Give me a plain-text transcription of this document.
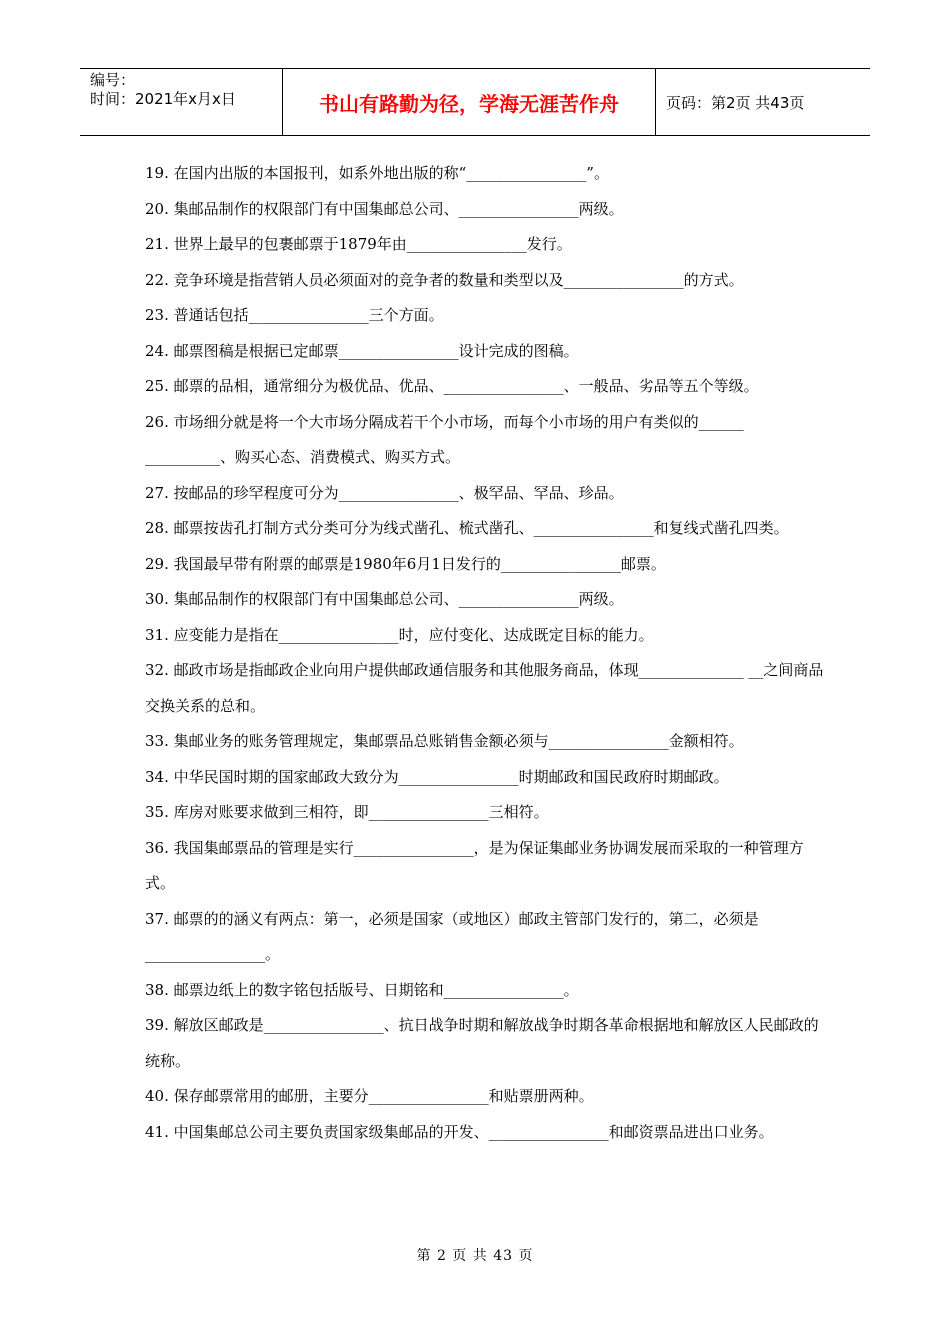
编号：
时间：2021年x月x日	书山有路勤为径，学海无涯苦作舟	页码：第2页 共43页
19. 在国内出版的本国报刊，如系外地出版的称“________________”。
20. 集邮品制作的权限部门有中国集邮总公司、________________两级。
21. 世界上最早的包裹邮票于1879年由________________发行。
22. 竞争环境是指营销人员必须面对的竞争者的数量和类型以及________________的方式。
23. 普通话包括________________三个方面。
24. 邮票图稿是根据已定邮票________________设计完成的图稿。
25. 邮票的品相，通常细分为极优品、优品、________________、一般品、劣品等五个等级。
26. 市场细分就是将一个大市场分隔成若干个小市场，而每个小市场的用户有类似的______ __________、购买心态、消费模式、购买方式。
27. 按邮品的珍罕程度可分为________________、极罕品、罕品、珍品。
28. 邮票按齿孔打制方式分类可分为线式凿孔、梳式凿孔、________________和复线式凿孔四类。
29. 我国最早带有附票的邮票是1980年6月1日发行的________________邮票。
30. 集邮品制作的权限部门有中国集邮总公司、________________两级。
31. 应变能力是指在________________时，应付变化、达成既定目标的能力。
32. 邮政市场是指邮政企业向用户提供邮政通信服务和其他服务商品，体现______________ __之间商品交换关系的总和。
33. 集邮业务的账务管理规定，集邮票品总账销售金额必须与________________金额相符。
34. 中华民国时期的国家邮政大致分为________________时期邮政和国民政府时期邮政。
35. 库房对账要求做到三相符，即________________三相符。
36. 我国集邮票品的管理是实行________________，是为保证集邮业务协调发展而采取的一种管理方式。
37. 邮票的的涵义有两点：第一，必须是国家（或地区）邮政主管部门发行的，第二，必须是________________。
38. 邮票边纸上的数字铭包括版号、日期铭和________________。
39. 解放区邮政是________________、抗日战争时期和解放战争时期各革命根据地和解放区人民邮政的统称。
40. 保存邮票常用的邮册，主要分________________和贴票册两种。
41. 中国集邮总公司主要负责国家级集邮品的开发、________________和邮资票品进出口业务。
第 2 页 共 43 页
